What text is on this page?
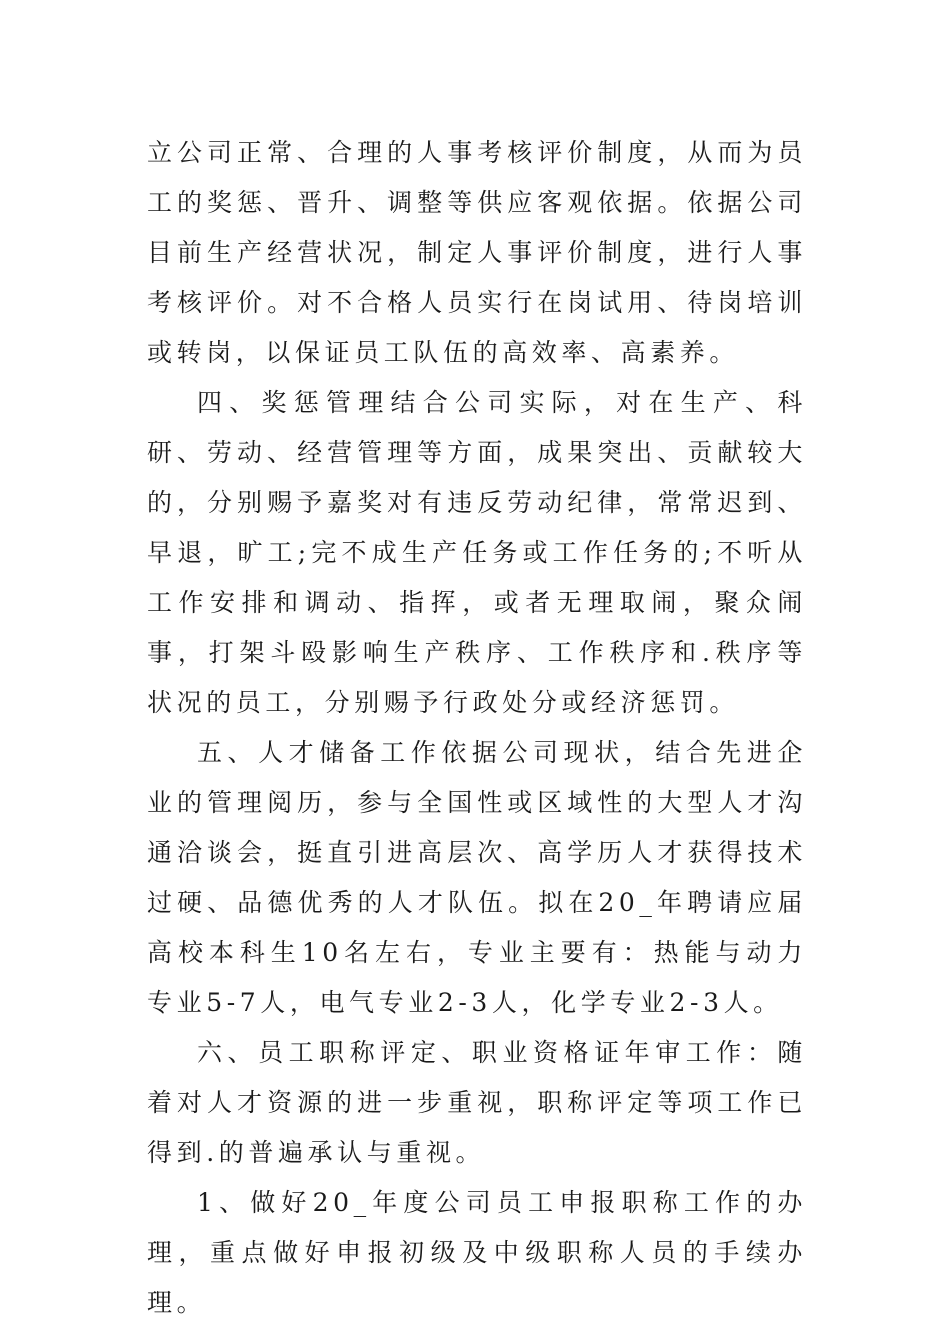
立公司正常、合理的人事考核评价制度，从而为员工的奖惩、晋升、调整等供应客观依据。依据公司目前生产经营状况，制定人事评价制度，进行人事考核评价。对不合格人员实行在岗试用、待岗培训或转岗，以保证员工队伍的高效率、高素养。

四、奖惩管理结合公司实际，对在生产、科研、劳动、经营管理等方面，成果突出、贡献较大的，分别赐予嘉奖对有违反劳动纪律，常常迟到、早退，旷工;完不成生产任务或工作任务的;不听从工作安排和调动、指挥，或者无理取闹，聚众闹事，打架斗殴影响生产秩序、工作秩序和.秩序等状况的员工，分别赐予行政处分或经济惩罚。

五、人才储备工作依据公司现状，结合先进企业的管理阅历，参与全国性或区域性的大型人才沟通洽谈会，挺直引进高层次、高学历人才获得技术过硬、品德优秀的人才队伍。拟在20_年聘请应届高校本科生10名左右，专业主要有：热能与动力专业5-7人，电气专业2-3人，化学专业2-3人。

六、员工职称评定、职业资格证年审工作：随着对人才资源的进一步重视，职称评定等项工作已得到.的普遍承认与重视。

1、做好20_年度公司员工申报职称工作的办理，重点做好申报初级及中级职称人员的手续办理。
